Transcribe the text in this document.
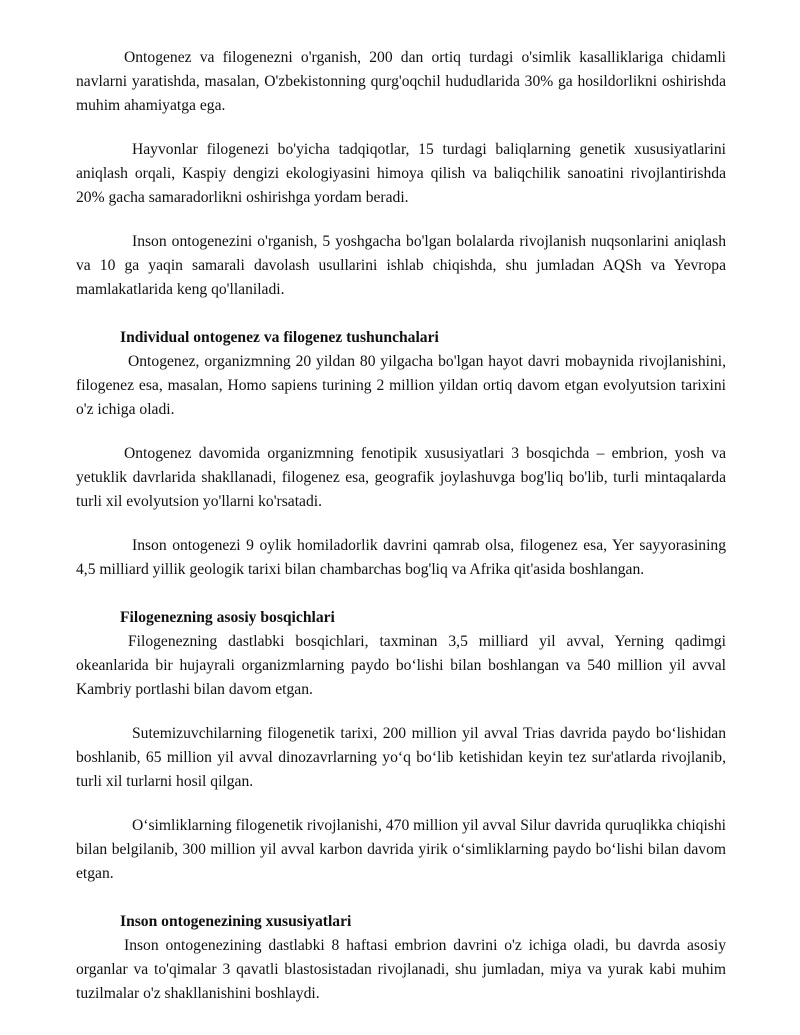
Ontogenez va filogenezni o'rganish, 200 dan ortiq turdagi o'simlik kasalliklariga chidamli navlarni yaratishda, masalan, O'zbekistonning qurg'oqchil hududlarida 30% ga hosildorlikni oshirishda muhim ahamiyatga ega.

Hayvonlar filogenezi bo'yicha tadqiqotlar, 15 turdagi baliqlarning genetik xususiyatlarini aniqlash orqali, Kaspiy dengizi ekologiyasini himoya qilish va baliqchilik sanoatini rivojlantirishda 20% gacha samaradorlikni oshirishga yordam beradi.

Inson ontogenezini o'rganish, 5 yoshgacha bo'lgan bolalarda rivojlanish nuqsonlarini aniqlash va 10 ga yaqin samarali davolash usullarini ishlab chiqishda, shu jumladan AQSh va Yevropa mamlakatlarida keng qo'llaniladi.

Individual ontogenez va filogenez tushunchalari

Ontogenez, organizmning 20 yildan 80 yilgacha bo'lgan hayot davri mobaynida rivojlanishini, filogenez esa, masalan, Homo sapiens turining 2 million yildan ortiq davom etgan evolyutsion tarixini o'z ichiga oladi.

Ontogenez davomida organizmning fenotipik xususiyatlari 3 bosqichda – embrion, yosh va yetuklik davrlarida shakllanadi, filogenez esa, geografik joylashuvga bog'liq bo'lib, turli mintaqalarda turli xil evolyutsion yo'llarni ko'rsatadi.

Inson ontogenezi 9 oylik homiladorlik davrini qamrab olsa, filogenez esa, Yer sayyorasining 4,5 milliard yillik geologik tarixi bilan chambarchas bog'liq va Afrika qit'asida boshlangan.

Filogenezning asosiy bosqichlari

Filogenezning dastlabki bosqichlari, taxminan 3,5 milliard yil avval, Yerning qadimgi okeanlarida bir hujayrali organizmlarning paydo bo‘lishi bilan boshlangan va 540 million yil avval Kambriy portlashi bilan davom etgan.

Sutemizuvchilarning filogenetik tarixi, 200 million yil avval Trias davrida paydo bo‘lishidan boshlanib, 65 million yil avval dinozavrlarning yo‘q bo‘lib ketishidan keyin tez sur'atlarda rivojlanib, turli xil turlarni hosil qilgan.

O‘simliklarning filogenetik rivojlanishi, 470 million yil avval Silur davrida quruqlikka chiqishi bilan belgilanib, 300 million yil avval karbon davrida yirik o‘simliklarning paydo bo‘lishi bilan davom etgan.

Inson ontogenezining xususiyatlari

Inson ontogenezining dastlabki 8 haftasi embrion davrini o'z ichiga oladi, bu davrda asosiy organlar va to'qimalar 3 qavatli blastosistadan rivojlanadi, shu jumladan, miya va yurak kabi muhim tuzilmalar o'z shakllanishini boshlaydi.
